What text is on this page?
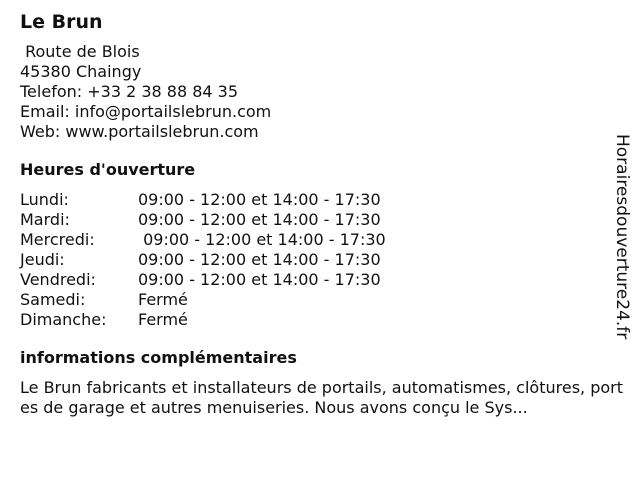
Le Brun
Route de Blois
45380 Chaingy
Telefon: +33 2 38 88 84 35
Email: info@portailslebrun.com
Web: www.portailslebrun.com
Heures d'ouverture
Lundi:	09:00 - 12:00 et 14:00 - 17:30
Mardi:	09:00 - 12:00 et 14:00 - 17:30
Mercredi:	09:00 - 12:00 et 14:00 - 17:30
Jeudi:	09:00 - 12:00 et 14:00 - 17:30
Vendredi:	09:00 - 12:00 et 14:00 - 17:30
Samedi:	Fermé
Dimanche:	Fermé
informations complémentaires
Le Brun fabricants et installateurs de portails, automatismes, clôtures, portes de garage et autres menuiseries. Nous avons conçu le Sys...
Horairesdouverture24.fr
